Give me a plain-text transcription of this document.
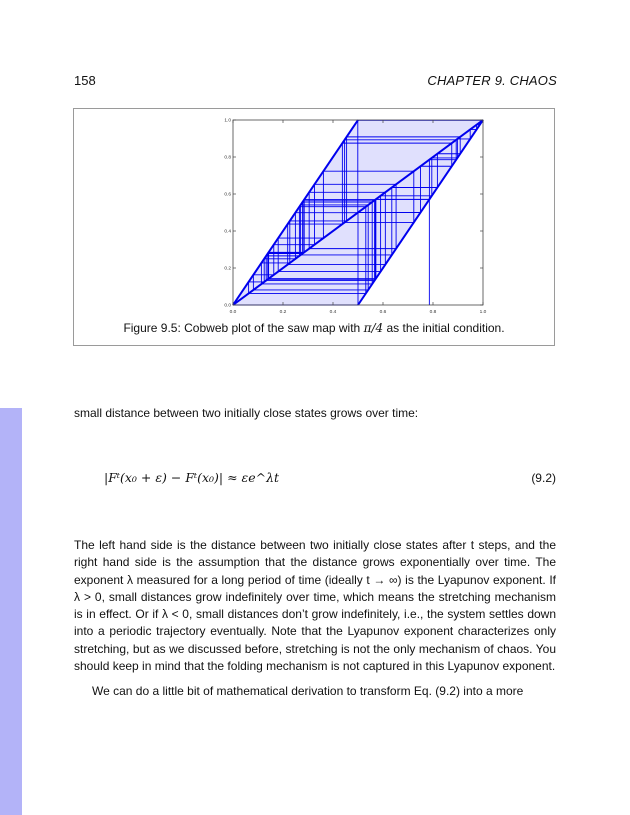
158	CHAPTER 9. CHAOS
0.0	0.2	0.4	0.6	0.8	1.0
0.0
0.2
0.4
0.6
0.8
1.0
Figure 9.5: Cobweb plot of the saw map with π/4 as the initial condition.
small distance between two initially close states grows over time:
|Fᵗ(x₀ + ε) − Fᵗ(x₀)| ≈ εe^λt	(9.2)

The left hand side is the distance between two initially close states after t steps, and the right hand side is the assumption that the distance grows exponentially over time. The exponent λ measured for a long period of time (ideally t → ∞) is the Lyapunov exponent. If λ > 0, small distances grow indefinitely over time, which means the stretching mechanism is in effect. Or if λ < 0, small distances don’t grow indefinitely, i.e., the system settles down into a periodic trajectory eventually. Note that the Lyapunov exponent characterizes only stretching, but as we discussed before, stretching is not the only mechanism of chaos. You should keep in mind that the folding mechanism is not captured in this Lyapunov exponent.

We can do a little bit of mathematical derivation to transform Eq. (9.2) into a more
